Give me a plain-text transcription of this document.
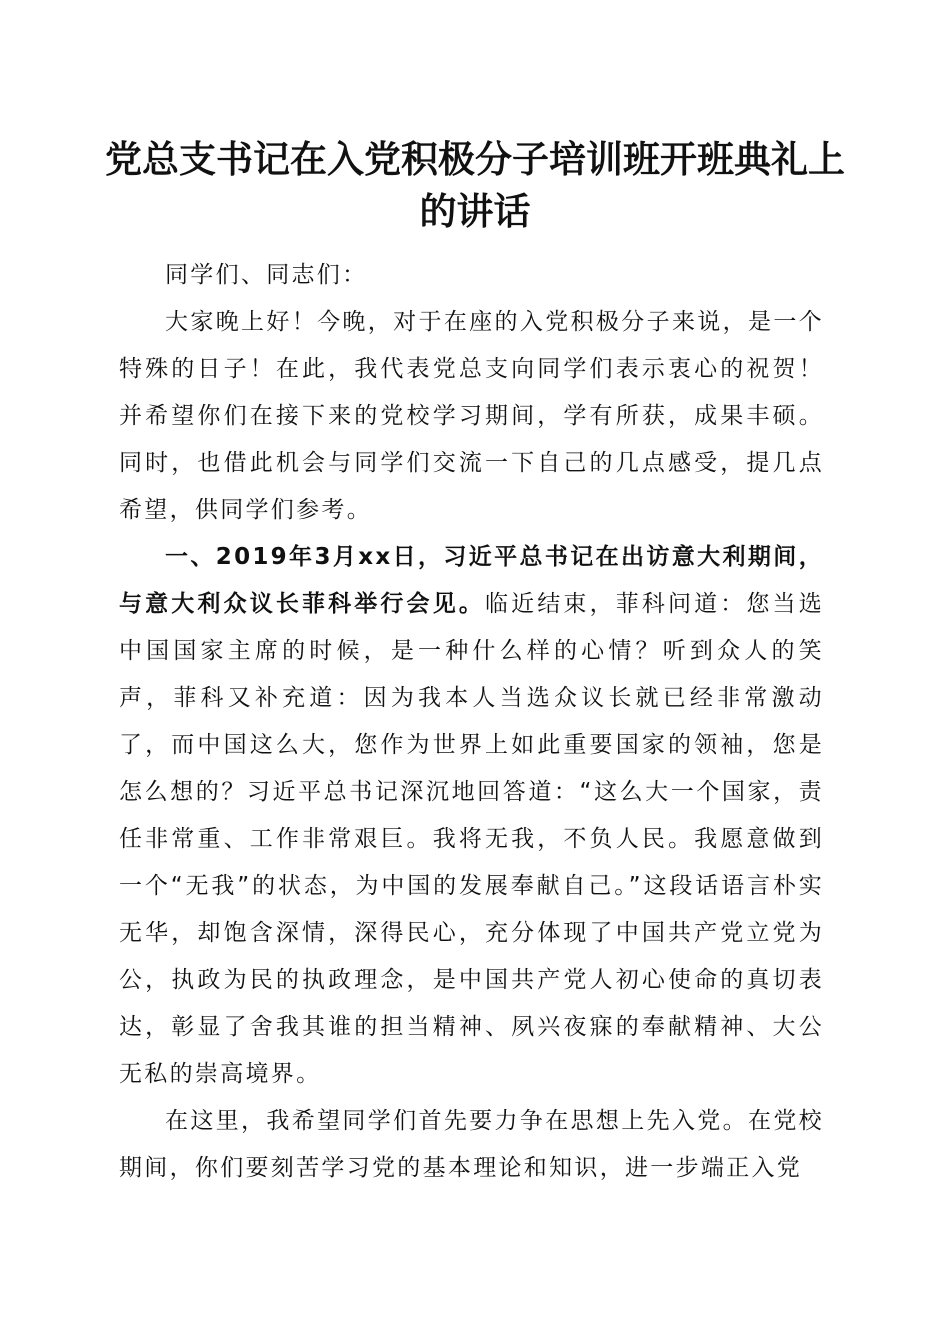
党总支书记在入党积极分子培训班开班典礼上
的讲话

同学们、同志们：

大家晚上好！今晚，对于在座的入党积极分子来说，是一个特殊的日子！在此，我代表党总支向同学们表示衷心的祝贺！并希望你们在接下来的党校学习期间，学有所获，成果丰硕。同时，也借此机会与同学们交流一下自己的几点感受，提几点希望，供同学们参考。

一、2019年3月xx日，习近平总书记在出访意大利期间，与意大利众议长菲科举行会见。临近结束，菲科问道：您当选中国国家主席的时候，是一种什么样的心情？听到众人的笑声，菲科又补充道：因为我本人当选众议长就已经非常激动了，而中国这么大，您作为世界上如此重要国家的领袖，您是怎么想的？习近平总书记深沉地回答道：“这么大一个国家，责任非常重、工作非常艰巨。我将无我，不负人民。我愿意做到一个“无我”的状态，为中国的发展奉献自己。”这段话语言朴实无华，却饱含深情，深得民心，充分体现了中国共产党立党为公，执政为民的执政理念，是中国共产党人初心使命的真切表达，彰显了舍我其谁的担当精神、夙兴夜寐的奉献精神、大公无私的崇高境界。

在这里，我希望同学们首先要力争在思想上先入党。在党校期间，你们要刻苦学习党的基本理论和知识，进一步端正入党
